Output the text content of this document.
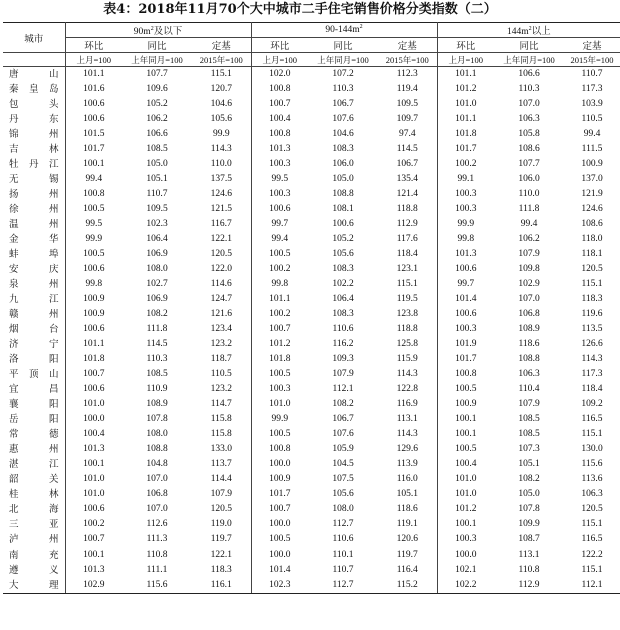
表4：2018年11月70个大中城市二手住宅销售价格分类指数（二）
城市	$90m^2$及以下			$90-144m^2$			$144m^2$以上		
	环比	同比	定基	环比	同比	定基	环比	同比	定基
	上月=100	上年同月=100	2015年=100	上月=100	上年同月=100	2015年=100	上月=100	上年同月=100	2015年=100
唐山	101.1	107.7	115.1	102.0	107.2	112.3	101.1	106.6	110.7
秦皇岛	101.6	109.6	120.7	100.8	110.3	119.4	101.2	110.3	117.3
包头	100.6	105.2	104.6	100.7	106.7	109.5	101.0	107.0	103.9
丹东	100.6	106.2	105.6	100.4	107.6	109.7	101.1	106.3	110.5
锦州	101.5	106.6	99.9	100.8	104.6	97.4	101.8	105.8	99.4
吉林	101.7	108.5	114.3	101.3	108.3	114.5	101.7	108.6	111.5
牡丹江	100.1	105.0	110.0	100.3	106.0	106.7	100.2	107.7	100.9
无锡	99.4	105.1	137.5	99.5	105.0	135.4	99.1	106.0	137.0
扬州	100.8	110.7	124.6	100.3	108.8	121.4	100.3	110.0	121.9
徐州	100.5	109.5	121.5	100.6	108.1	118.8	100.3	111.8	124.6
温州	99.5	102.3	116.7	99.7	100.6	112.9	99.9	99.4	108.6
金华	99.9	106.4	122.1	99.4	105.2	117.6	99.8	106.2	118.0
蚌埠	100.5	106.9	120.5	100.5	105.6	118.4	101.3	107.9	118.1
安庆	100.6	108.0	122.0	100.2	108.3	123.1	100.6	109.8	120.5
泉州	99.8	102.7	114.6	99.8	102.2	115.1	99.7	102.9	115.1
九江	100.9	106.9	124.7	101.1	106.4	119.5	101.4	107.0	118.3
赣州	100.9	108.2	121.6	100.2	108.3	123.8	100.6	106.8	119.6
烟台	100.6	111.8	123.4	100.7	110.6	118.8	100.3	108.9	113.5
济宁	101.1	114.5	123.2	101.2	116.2	125.8	101.9	118.6	126.6
洛阳	101.8	110.3	118.7	101.8	109.3	115.9	101.7	108.8	114.3
平顶山	100.7	108.5	110.5	100.5	107.9	114.3	100.8	106.3	117.3
宜昌	100.6	110.9	123.2	100.3	112.1	122.8	100.5	110.4	118.4
襄阳	101.0	108.9	114.7	101.0	108.2	116.9	100.9	107.9	109.2
岳阳	100.0	107.8	115.8	99.9	106.7	113.1	100.1	108.5	116.5
常德	100.4	108.0	115.8	100.5	107.6	114.3	100.1	108.5	115.1
惠州	101.3	108.8	133.0	100.8	105.9	129.6	100.5	107.3	130.0
湛江	100.1	104.8	113.7	100.0	104.5	113.9	100.4	105.1	115.6
韶关	101.0	107.0	114.4	100.9	107.5	116.0	101.0	108.2	113.6
桂林	101.0	106.8	107.9	101.7	105.6	105.1	101.0	105.0	106.3
北海	100.6	107.0	120.5	100.7	108.0	118.6	101.2	107.8	120.5
三亚	100.2	112.6	119.0	100.0	112.7	119.1	100.1	109.9	115.1
泸州	100.7	111.3	119.7	100.5	110.6	120.6	100.3	108.7	116.5
南充	100.1	110.8	122.1	100.0	110.1	119.7	100.0	113.1	122.2
遵义	101.3	111.1	118.3	101.4	110.7	116.4	102.1	110.8	115.1
大理	102.9	115.6	116.1	102.3	112.7	115.2	102.2	112.9	112.1
